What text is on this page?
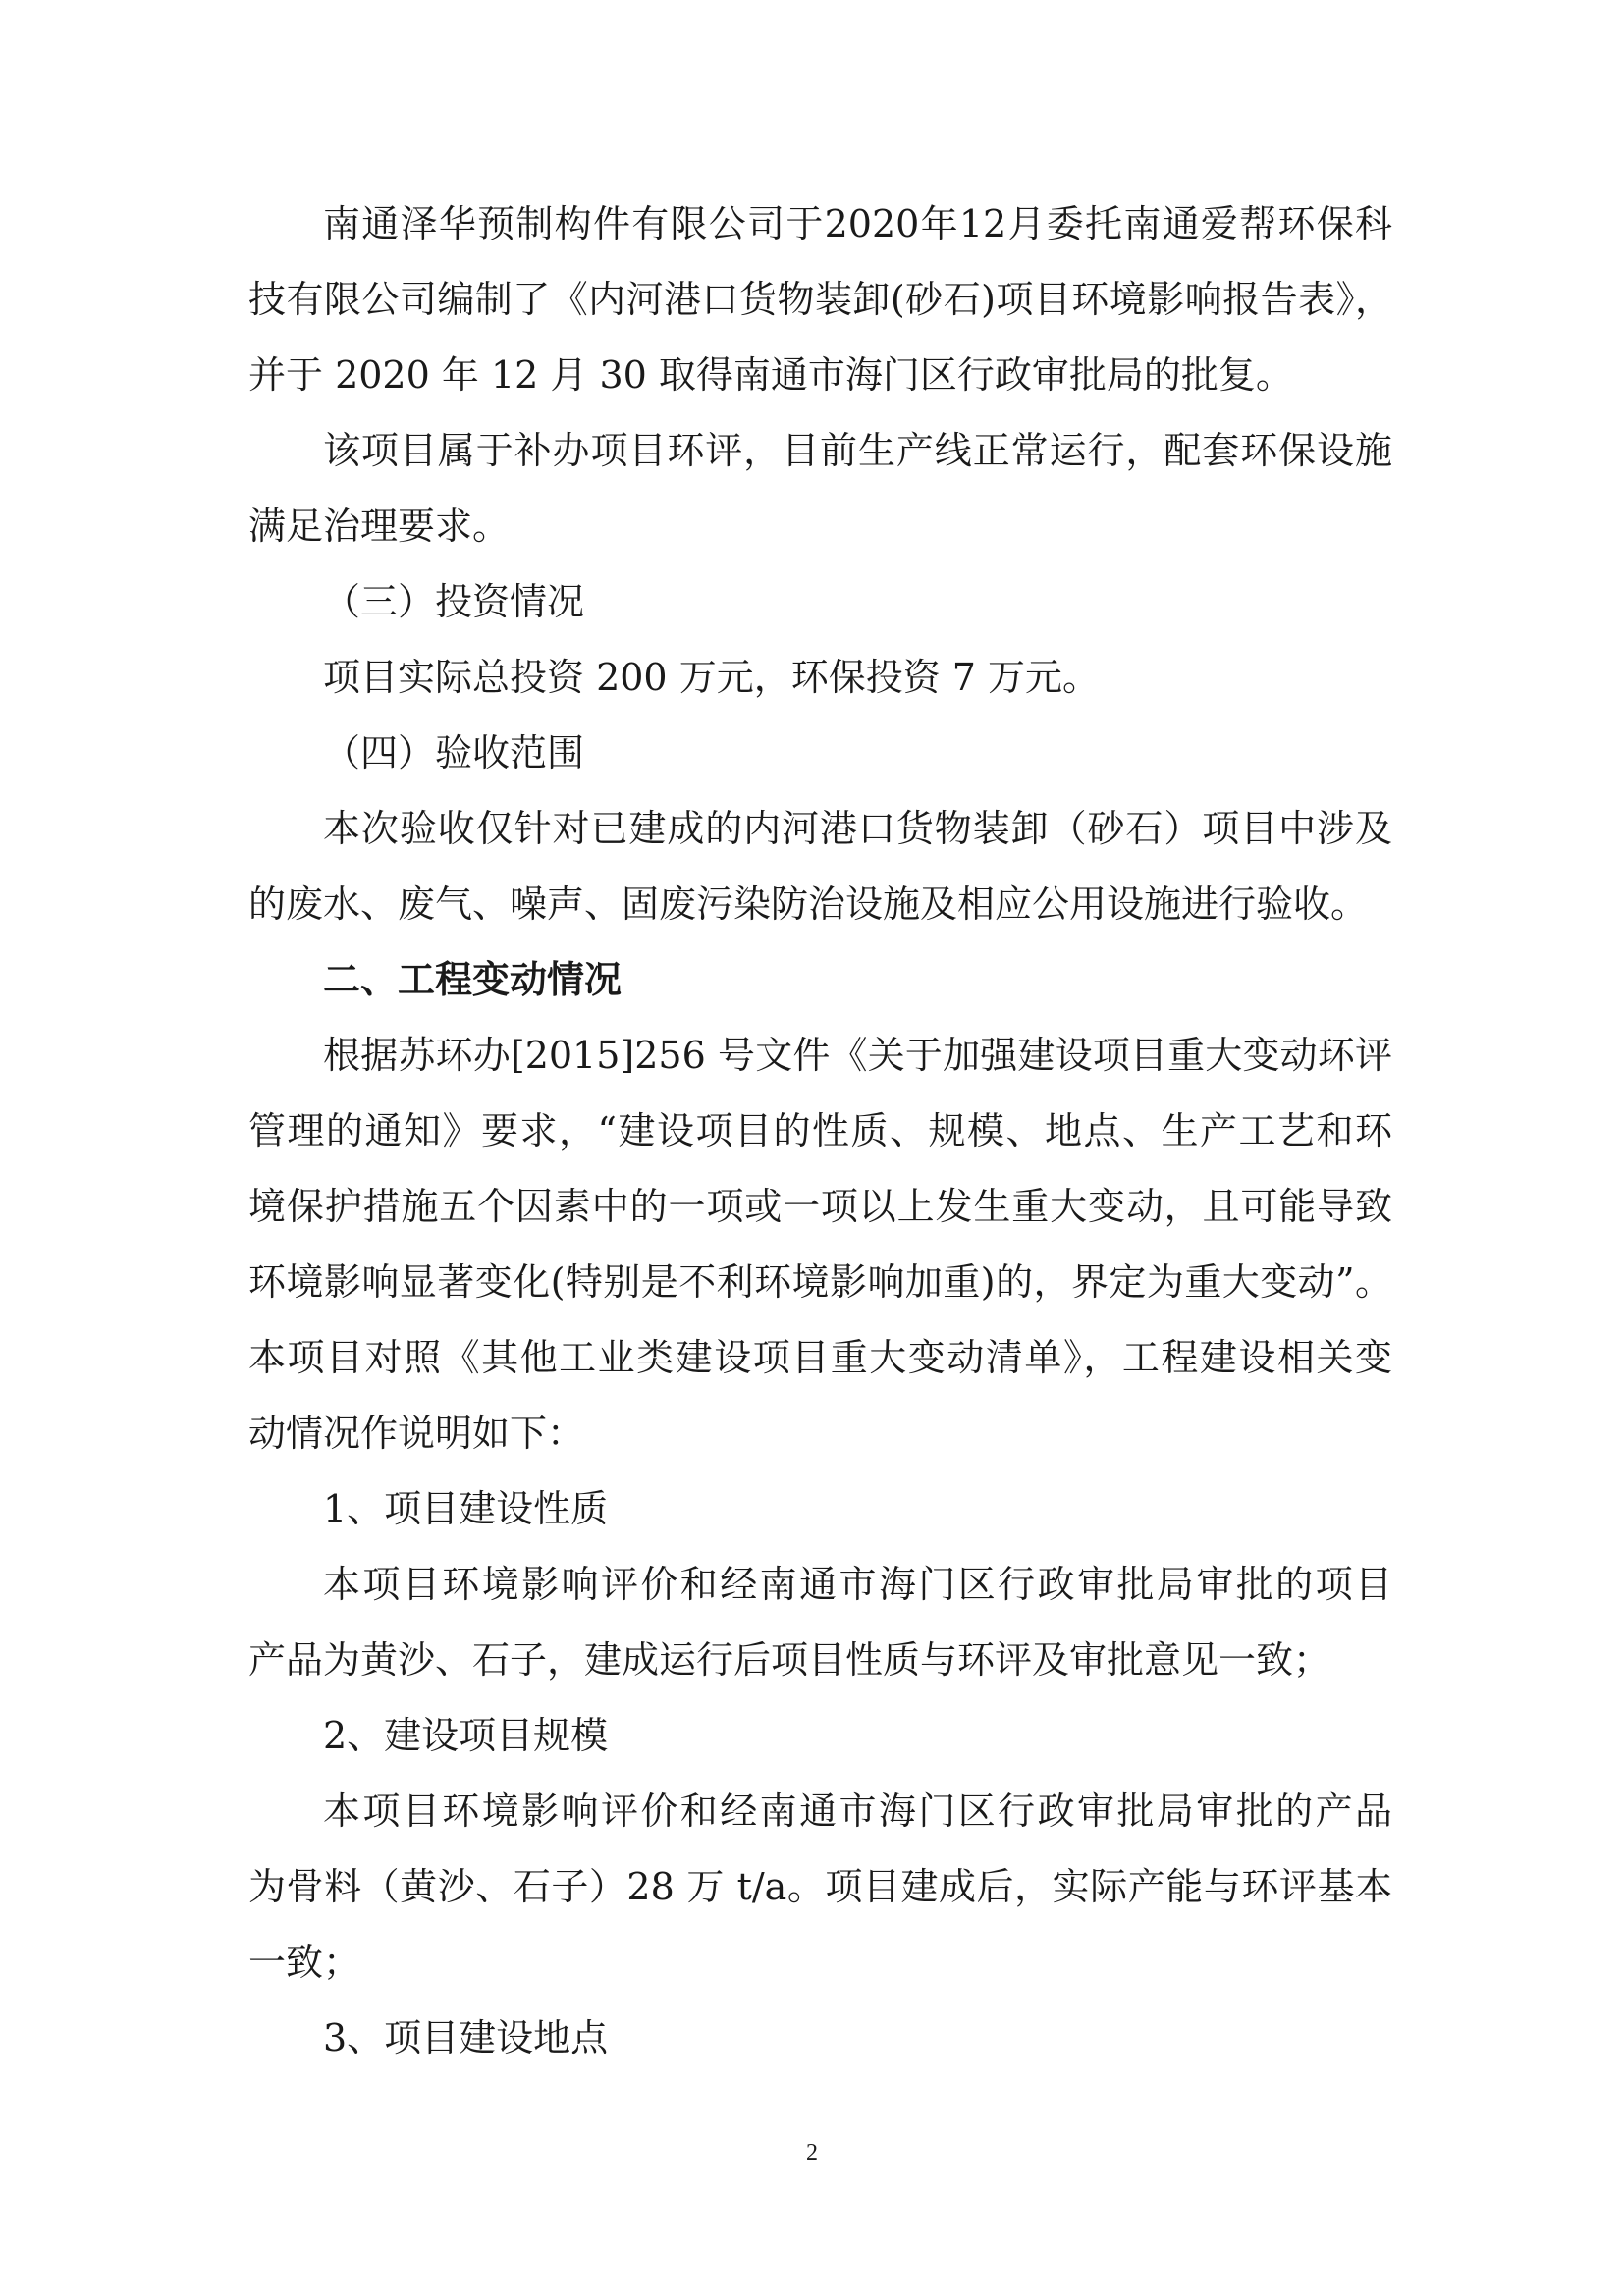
南通泽华预制构件有限公司于2020年12月委托南通爱帮环保科
技有限公司编制了《内河港口货物装卸(砂石)项目环境影响报告表》，
并于 2020 年 12 月 30 取得南通市海门区行政审批局的批复。

该项目属于补办项目环评，目前生产线正常运行，配套环保设施
满足治理要求。

（三）投资情况

项目实际总投资 200 万元，环保投资 7 万元。

（四）验收范围

本次验收仅针对已建成的内河港口货物装卸（砂石）项目中涉及
的废水、废气、噪声、固废污染防治设施及相应公用设施进行验收。

二、工程变动情况

根据苏环办[2015]256 号文件《关于加强建设项目重大变动环评
管理的通知》要求，“建设项目的性质、规模、地点、生产工艺和环
境保护措施五个因素中的一项或一项以上发生重大变动，且可能导致
环境影响显著变化(特别是不利环境影响加重)的，界定为重大变动”。
本项目对照《其他工业类建设项目重大变动清单》，工程建设相关变
动情况作说明如下：

1、项目建设性质

本项目环境影响评价和经南通市海门区行政审批局审批的项目
产品为黄沙、石子，建成运行后项目性质与环评及审批意见一致；

2、建设项目规模

本项目环境影响评价和经南通市海门区行政审批局审批的产品
为骨料（黄沙、石子）28 万 t/a。项目建成后，实际产能与环评基本
一致；

3、项目建设地点

2
